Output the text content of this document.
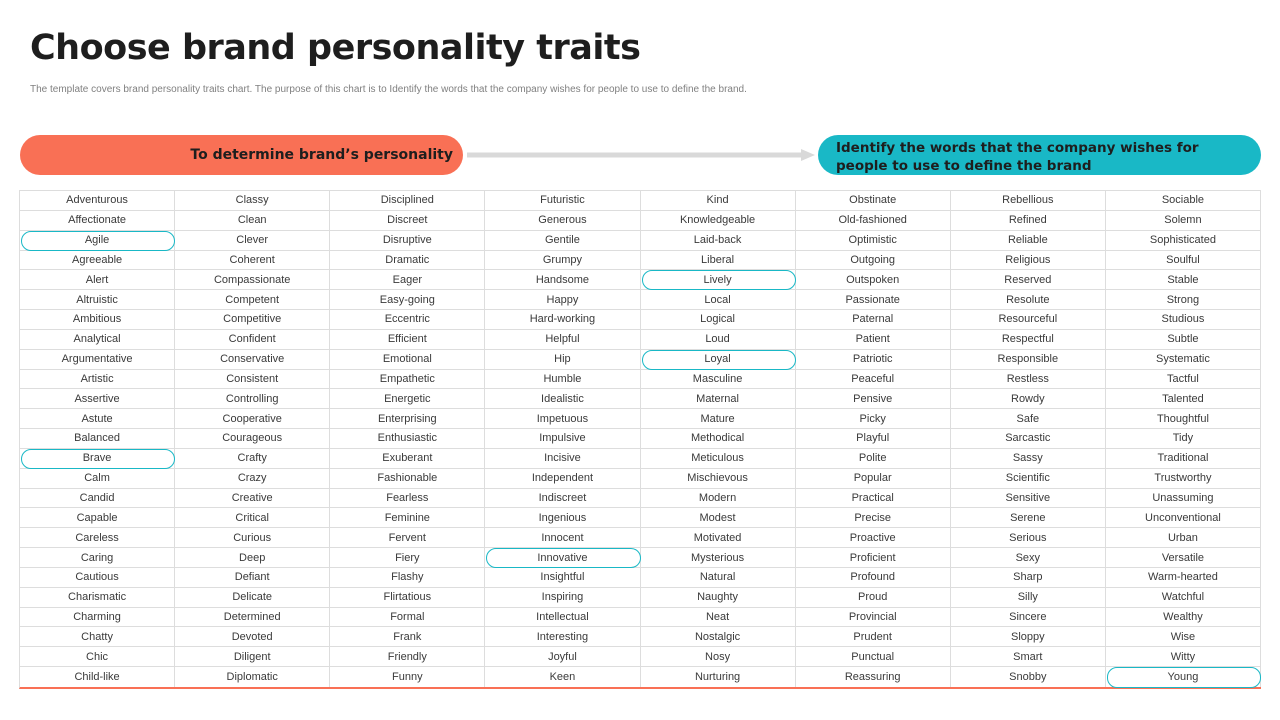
Choose brand personality traits
The template covers brand personality traits chart. The purpose of this chart is to Identify the words that the company wishes for people to use to define the brand.
To determine brand’s personality	Identify the words that the company wishes for people to use to define the brand
Adventurous
Affectionate
Agile
Agreeable
Alert
Altruistic
Ambitious
Analytical
Argumentative
Artistic
Assertive
Astute
Balanced
Brave
Calm
Candid
Capable
Careless
Caring
Cautious
Charismatic
Charming
Chatty
Chic
Child-like
Classy
Clean
Clever
Coherent
Compassionate
Competent
Competitive
Confident
Conservative
Consistent
Controlling
Cooperative
Courageous
Crafty
Crazy
Creative
Critical
Curious
Deep
Defiant
Delicate
Determined
Devoted
Diligent
Diplomatic
Disciplined
Discreet
Disruptive
Dramatic
Eager
Easy-going
Eccentric
Efficient
Emotional
Empathetic
Energetic
Enterprising
Enthusiastic
Exuberant
Fashionable
Fearless
Feminine
Fervent
Fiery
Flashy
Flirtatious
Formal
Frank
Friendly
Funny
Futuristic
Generous
Gentile
Grumpy
Handsome
Happy
Hard-working
Helpful
Hip
Humble
Idealistic
Impetuous
Impulsive
Incisive
Independent
Indiscreet
Ingenious
Innocent
Innovative
Insightful
Inspiring
Intellectual
Interesting
Joyful
Keen
Kind
Knowledgeable
Laid-back
Liberal
Lively
Local
Logical
Loud
Loyal
Masculine
Maternal
Mature
Methodical
Meticulous
Mischievous
Modern
Modest
Motivated
Mysterious
Natural
Naughty
Neat
Nostalgic
Nosy
Nurturing
Obstinate
Old-fashioned
Optimistic
Outgoing
Outspoken
Passionate
Paternal
Patient
Patriotic
Peaceful
Pensive
Picky
Playful
Polite
Popular
Practical
Precise
Proactive
Proficient
Profound
Proud
Provincial
Prudent
Punctual
Reassuring
Rebellious
Refined
Reliable
Religious
Reserved
Resolute
Resourceful
Respectful
Responsible
Restless
Rowdy
Safe
Sarcastic
Sassy
Scientific
Sensitive
Serene
Serious
Sexy
Sharp
Silly
Sincere
Sloppy
Smart
Snobby
Sociable
Solemn
Sophisticated
Soulful
Stable
Strong
Studious
Subtle
Systematic
Tactful
Talented
Thoughtful
Tidy
Traditional
Trustworthy
Unassuming
Unconventional
Urban
Versatile
Warm-hearted
Watchful
Wealthy
Wise
Witty
Young
